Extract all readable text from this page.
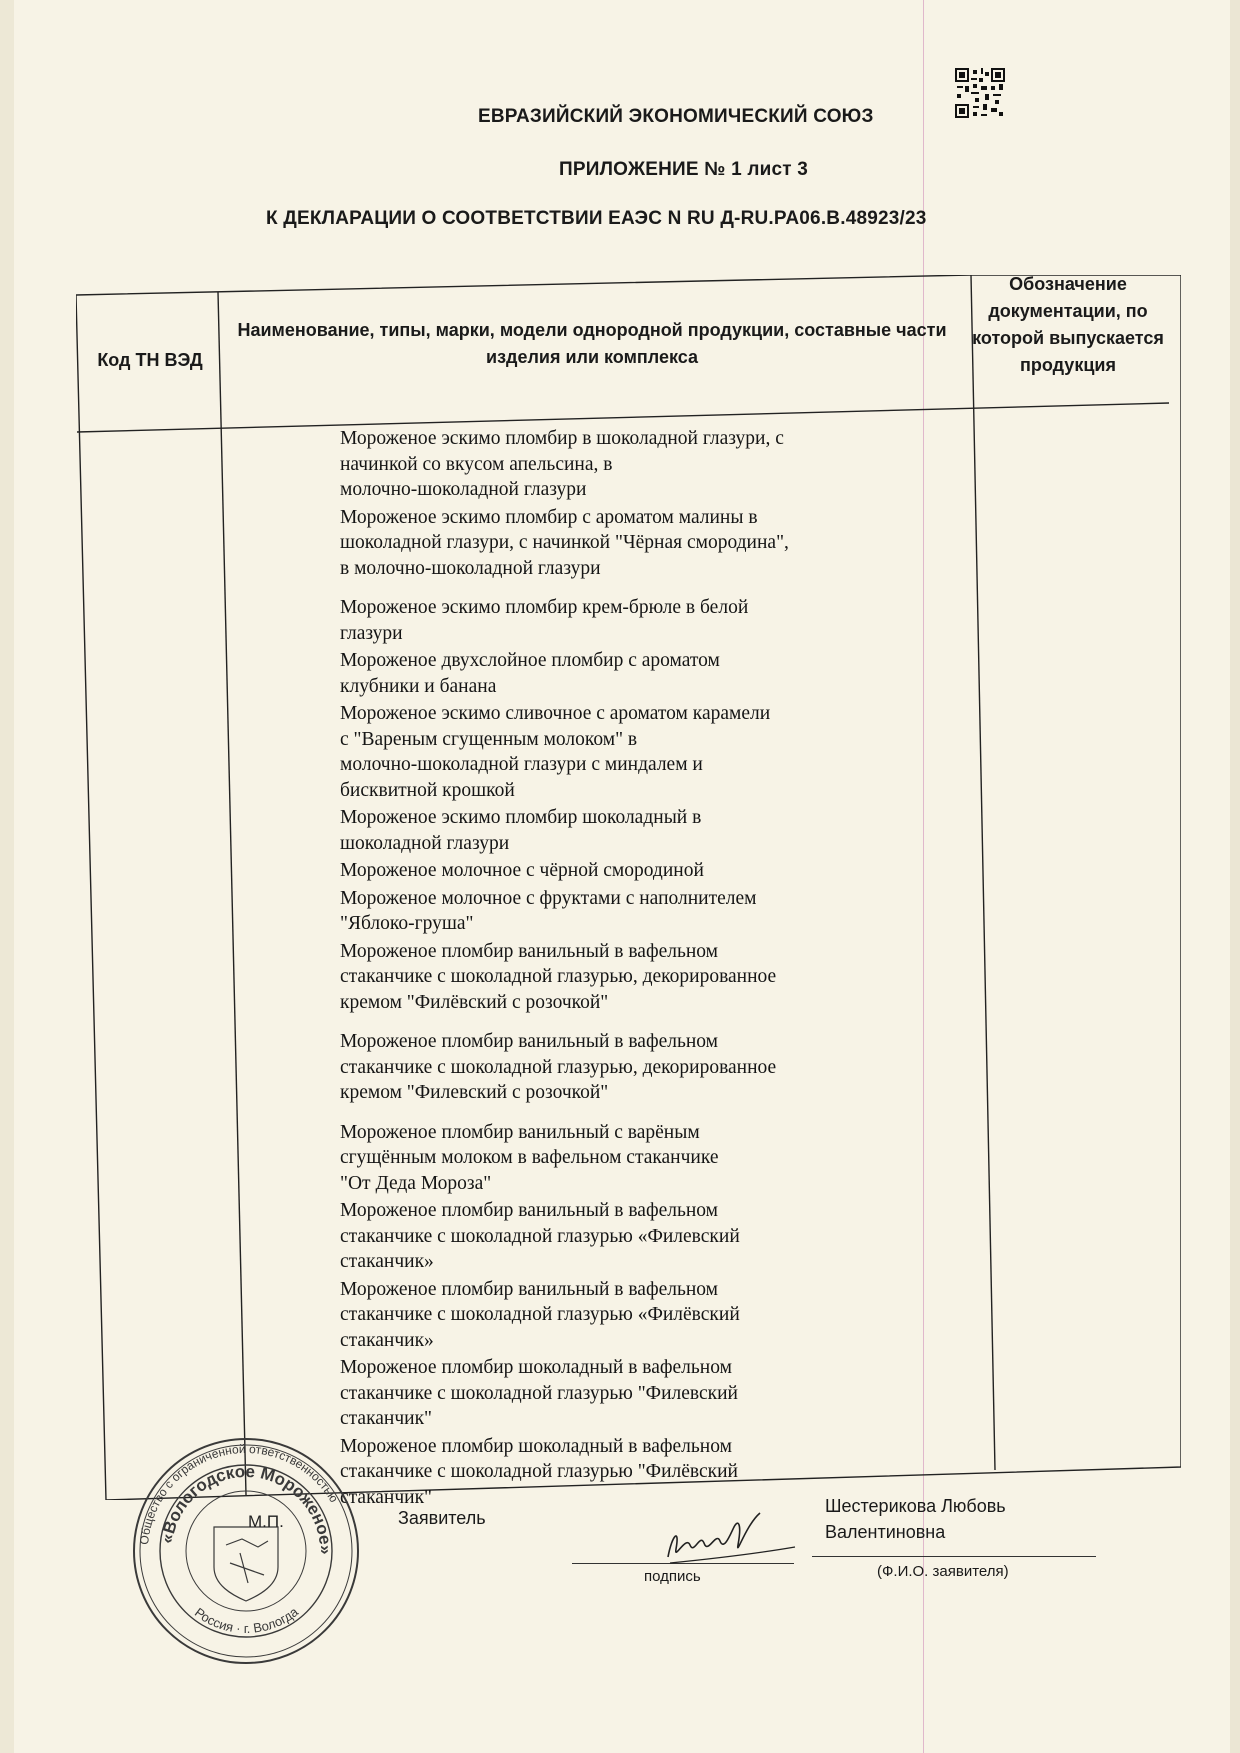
ЕВРАЗИЙСКИЙ ЭКОНОМИЧЕСКИЙ СОЮЗ
ПРИЛОЖЕНИЕ № 1 лист 3
К ДЕКЛАРАЦИИ О СООТВЕТСТВИИ ЕАЭС N RU Д-RU.PA06.B.48923/23
Код ТН ВЭД
Наименование, типы, марки, модели однородной продукции, составные части изделия или комплекса
Обозначение документации, по которой выпускается продукция
Мороженое эскимо пломбир в шоколадной глазури, с
начинкой со вкусом апельсина, в
молочно-шоколадной глазури
Мороженое эскимо пломбир с ароматом малины в
шоколадной глазури, с начинкой "Чёрная смородина",
в молочно-шоколадной глазури
Мороженое эскимо пломбир крем-брюле в белой
глазури
Мороженое двухслойное пломбир с ароматом
клубники и банана
Мороженое эскимо сливочное с ароматом карамели
с "Вареным сгущенным молоком" в
молочно-шоколадной глазури с миндалем и
бисквитной крошкой
Мороженое эскимо пломбир шоколадный в
шоколадной глазури
Мороженое молочное с чёрной смородиной
Мороженое молочное с фруктами с наполнителем
"Яблоко-груша"
Мороженое пломбир ванильный в вафельном
стаканчике с шоколадной глазурью, декорированное
кремом "Филёвский с розочкой"
Мороженое пломбир ванильный в вафельном
стаканчике с шоколадной глазурью, декорированное
кремом "Филевский с розочкой"
Мороженое пломбир ванильный с варёным
сгущённым молоком в вафельном стаканчике
"От Деда Мороза"
Мороженое пломбир ванильный в вафельном
стаканчике с шоколадной глазурью «Филевский
стаканчик»
Мороженое пломбир ванильный в вафельном
стаканчике с шоколадной глазурью «Филёвский
стаканчик»
Мороженое пломбир шоколадный в вафельном
стаканчике с шоколадной глазурью "Филевский
стаканчик"
Мороженое пломбир шоколадный в вафельном
стаканчике с шоколадной глазурью "Филёвский
стаканчик"
Заявитель
Шестерикова Любовь
Валентиновна
подпись	(Ф.И.О. заявителя)
Общество с ограниченной ответственностью
«Вологодское Мороженое»
Россия · г. Вологда
М.П.
